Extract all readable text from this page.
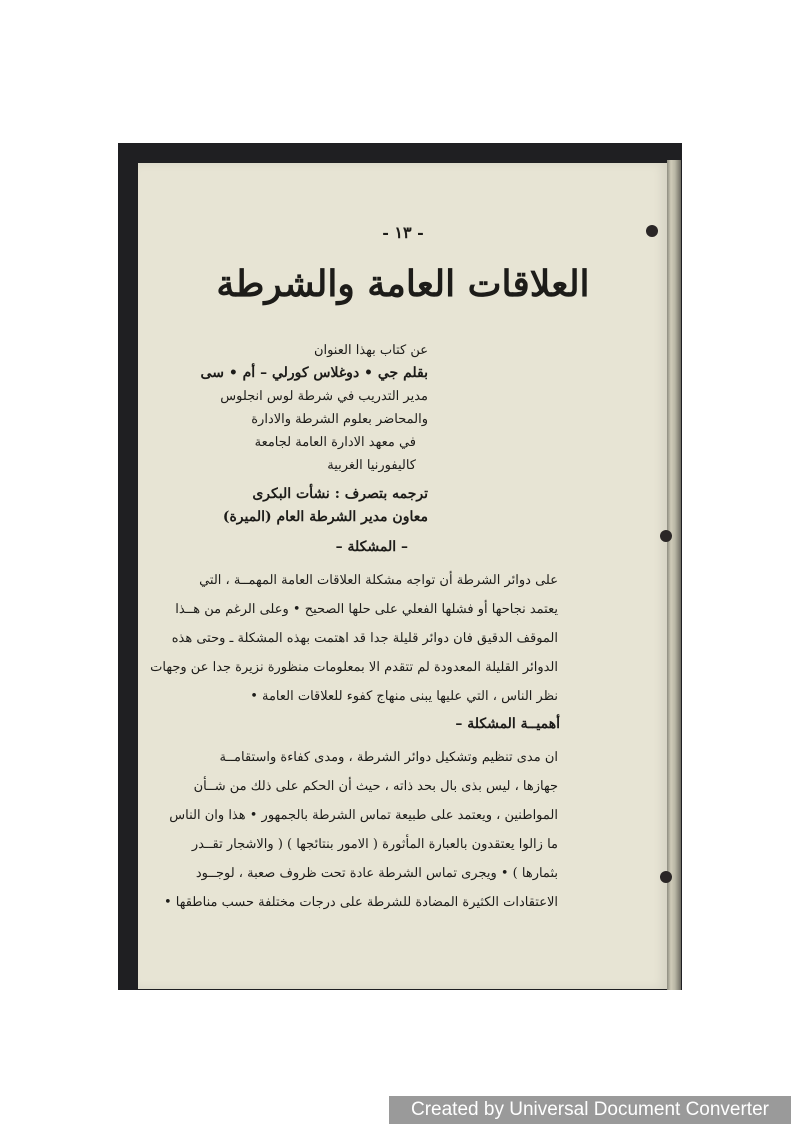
- ١٣ -
العلاقات العامة والشرطة

عن كتاب بهذا العنوان

بقلم جي • دوغلاس كورلي – أم • سى

مدير التدريب في شرطة لوس انجلوس

والمحاضر بعلوم الشرطة والادارة

في معهد الادارة العامة لجامعة

كاليفورنيا الغربية

ترجمه بتصرف : نشأت البكرى

معاون مدير الشرطة العام (الميرة)

– المشكلة –

على دوائر الشرطة أن تواجه مشكلة العلاقات العامة المهمــة ، التي
يعتمد نجاحها أو فشلها الفعلي على حلها الصحيح • وعلى الرغم من هــذا
الموقف الدقيق فان دوائر قليلة جدا قد اهتمت بهذه المشكلة ـ وحتى هذه
الدوائر القليلة المعدودة لم تتقدم الا بمعلومات منظورة نزيرة جدا عن وجهات
نظر الناس ، التي عليها يبنى منهاج كفوء للعلاقات العامة •

أهميــة المشكلة –

ان مدى تنظيم وتشكيل دوائر الشرطة ، ومدى كفاءة واستقامــة
جهازها ، ليس بذى بال بحد ذاته ، حيث أن الحكم على ذلك من شــأن
المواطنين ، ويعتمد على طبيعة تماس الشرطة بالجمهور • هذا وان الناس
ما زالوا يعتقدون بالعبارة المأثورة ( الامور بنتائجها ) ( والاشجار تقــدر
بثمارها ) • ويجرى تماس الشرطة عادة تحت ظروف صعبة ، لوجــود
الاعتقادات الكثيرة المضادة للشرطة على درجات مختلفة حسب مناطقها •

Created by Universal Document Converter
